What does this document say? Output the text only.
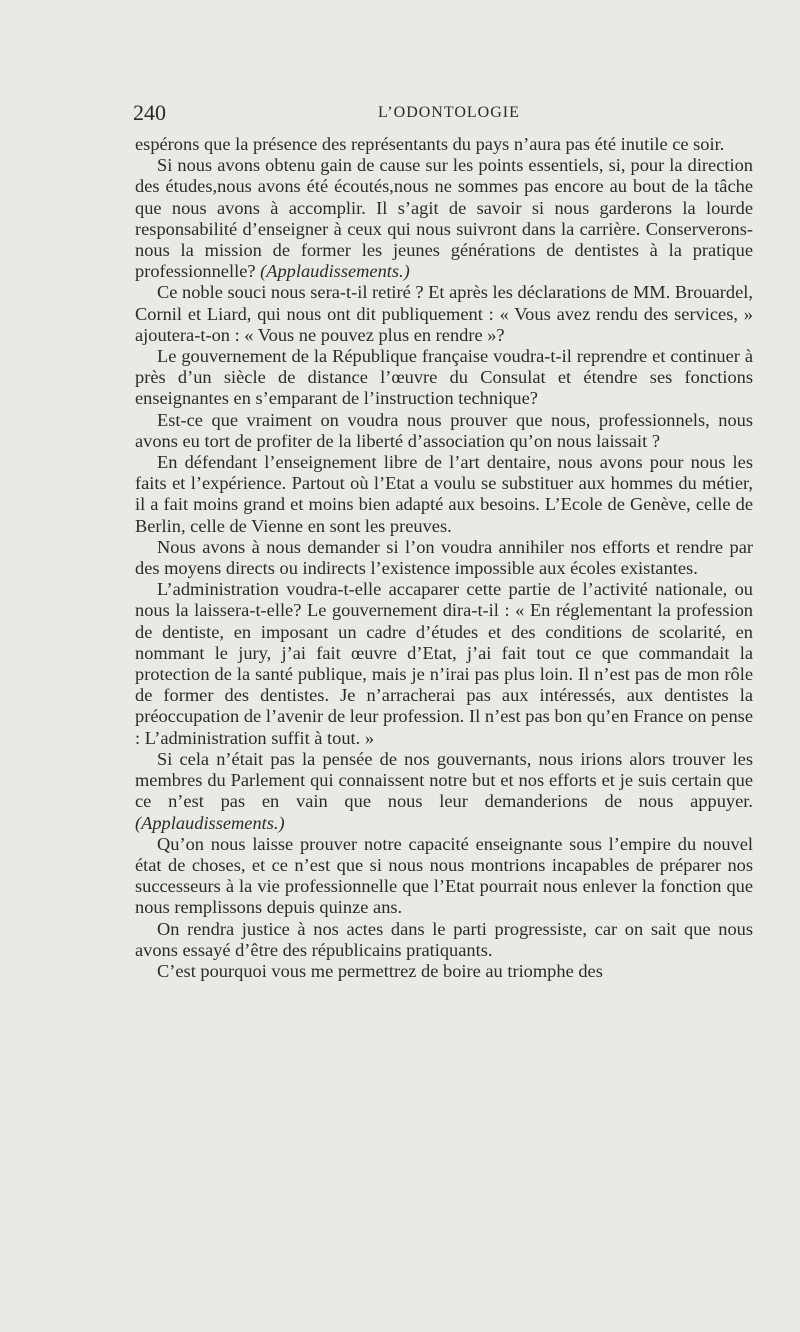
240	L’ODONTOLOGIE

espérons que la présence des représentants du pays n’aura pas été inutile ce soir.

Si nous avons obtenu gain de cause sur les points essentiels, si, pour la direction des études,nous avons été écoutés,nous ne sommes pas encore au bout de la tâche que nous avons à accomplir. Il s’agit de savoir si nous garderons la lourde responsabilité d’enseigner à ceux qui nous suivront dans la carrière. Conserverons-nous la mission de former les jeunes générations de dentistes à la pratique professionnelle? (Applaudissements.)

Ce noble souci nous sera-t-il retiré ? Et après les déclarations de MM. Brouardel, Cornil et Liard, qui nous ont dit publiquement : « Vous avez rendu des services, » ajoutera-t-on : « Vous ne pouvez plus en rendre »?

Le gouvernement de la République française voudra-t-il reprendre et continuer à près d’un siècle de distance l’œuvre du Consulat et étendre ses fonctions enseignantes en s’emparant de l’instruction technique?

Est-ce que vraiment on voudra nous prouver que nous, professionnels, nous avons eu tort de profiter de la liberté d’association qu’on nous laissait ?

En défendant l’enseignement libre de l’art dentaire, nous avons pour nous les faits et l’expérience. Partout où l’Etat a voulu se substituer aux hommes du métier, il a fait moins grand et moins bien adapté aux besoins. L’Ecole de Genève, celle de Berlin, celle de Vienne en sont les preuves.

Nous avons à nous demander si l’on voudra annihiler nos efforts et rendre par des moyens directs ou indirects l’existence impossible aux écoles existantes.

L’administration voudra-t-elle accaparer cette partie de l’activité nationale, ou nous la laissera-t-elle? Le gouvernement dira-t-il : « En réglementant la profession de dentiste, en imposant un cadre d’études et des conditions de scolarité, en nommant le jury, j’ai fait œuvre d’Etat, j’ai fait tout ce que commandait la protection de la santé publique, mais je n’irai pas plus loin. Il n’est pas de mon rôle de former des dentistes. Je n’arracherai pas aux intéressés, aux dentistes la préoccupation de l’avenir de leur profession. Il n’est pas bon qu’en France on pense : L’administration suffit à tout. »

Si cela n’était pas la pensée de nos gouvernants, nous irions alors trouver les membres du Parlement qui connaissent notre but et nos efforts et je suis certain que ce n’est pas en vain que nous leur demanderions de nous appuyer. (Applaudissements.)

Qu’on nous laisse prouver notre capacité enseignante sous l’empire du nouvel état de choses, et ce n’est que si nous nous montrions incapables de préparer nos successeurs à la vie professionnelle que l’Etat pourrait nous enlever la fonction que nous remplissons depuis quinze ans.

On rendra justice à nos actes dans le parti progressiste, car on sait que nous avons essayé d’être des républicains pratiquants.

C’est pourquoi vous me permettrez de boire au triomphe des
